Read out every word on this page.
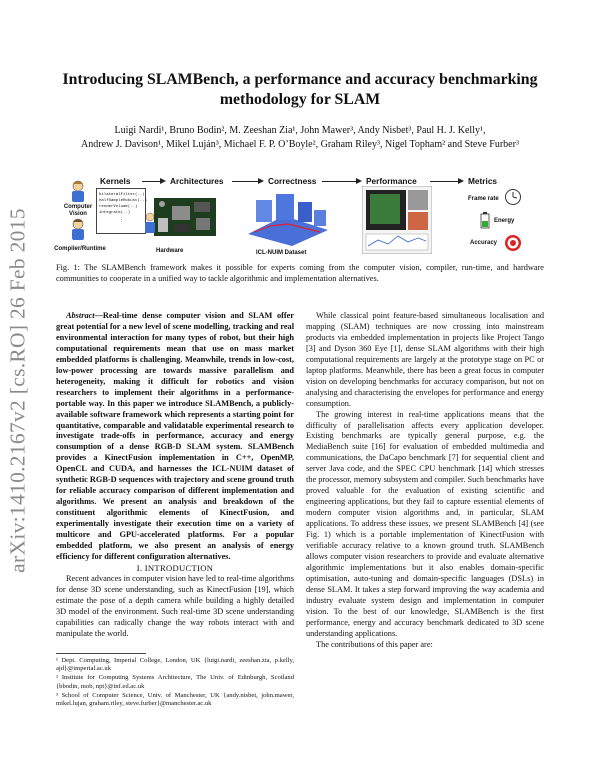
arXiv:1410.2167v2 [cs.RO] 26 Feb 2015
Introducing SLAMBench, a performance and accuracy benchmarking methodology for SLAM
Luigi Nardi¹, Bruno Bodin², M. Zeeshan Zia¹, John Mawer³, Andy Nisbet³, Paul H. J. Kelly¹,
Andrew J. Davison¹, Mikel Luján³, Michael F. P. O’Boyle², Graham Riley³, Nigel Topham² and Steve Furber³
Kernels	Architectures	Correctness	Performance	Metrics
Computer Vision
Compiler/Runtime
bilateralFilter(..)
halfSampleRobust(..)
renderVolume(..)
integrate(..)
⋮
Hardware	ICL-NUIM Dataset
Frame rate
Energy
Accuracy
Fig. 1: The SLAMBench framework makes it possible for experts coming from the computer vision, compiler, run-time, and hardware communities to cooperate in a unified way to tackle algorithmic and implementation alternatives.

Abstract—Real-time dense computer vision and SLAM offer great potential for a new level of scene modelling, tracking and real environmental interaction for many types of robot, but their high computational requirements mean that use on mass market embedded platforms is challenging. Meanwhile, trends in low-cost, low-power processing are towards massive parallelism and heterogeneity, making it difficult for robotics and vision researchers to implement their algorithms in a performance-portable way. In this paper we introduce SLAMBench, a publicly-available software framework which represents a starting point for quantitative, comparable and validatable experimental research to investigate trade-offs in performance, accuracy and energy consumption of a dense RGB-D SLAM system. SLAMBench provides a KinectFusion implementation in C++, OpenMP, OpenCL and CUDA, and harnesses the ICL-NUIM dataset of synthetic RGB-D sequences with trajectory and scene ground truth for reliable accuracy comparison of different implementation and algorithms. We present an analysis and breakdown of the constituent algorithmic elements of KinectFusion, and experimentally investigate their execution time on a variety of multicore and GPU-accelerated platforms. For a popular embedded platform, we also present an analysis of energy efficiency for different configuration alternatives.

I. INTRODUCTION

Recent advances in computer vision have led to real-time algorithms for dense 3D scene understanding, such as KinectFusion [19], which estimate the pose of a depth camera while building a highly detailed 3D model of the environment. Such real-time 3D scene understanding capabilities can radically change the way robots interact with and manipulate the world.

¹ Dept. Computing, Imperial College, London, UK {luigi.nardi, zeeshan.zia, p.kelly, ajd}@imperial.ac.uk
² Institute for Computing Systems Architecture, The Univ. of Edinburgh, Scotland {bbodin, mob, npt}@inf.ed.ac.uk
³ School of Computer Science, Univ. of Manchester, UK {andy.nisbet, john.mawer, mikel.lujan, graham.riley, steve.furber}@manchester.ac.uk

While classical point feature-based simultaneous localisation and mapping (SLAM) techniques are now crossing into mainstream products via embedded implementation in projects like Project Tango [3] and Dyson 360 Eye [1], dense SLAM algorithms with their high computational requirements are largely at the prototype stage on PC or laptop platforms. Meanwhile, there has been a great focus in computer vision on developing benchmarks for accuracy comparison, but not on analysing and characterising the envelopes for performance and energy consumption.

The growing interest in real-time applications means that the difficulty of parallelisation affects every application developer. Existing benchmarks are typically general purpose, e.g. the MediaBench suite [16] for evaluation of embedded multimedia and communications, the DaCapo benchmark [7] for sequential client and server Java code, and the SPEC CPU benchmark [14] which stresses the processor, memory subsystem and compiler. Such benchmarks have proved valuable for the evaluation of existing scientific and engineering applications, but they fail to capture essential elements of modern computer vision algorithms and, in particular, SLAM applications. To address these issues, we present SLAMBench [4] (see Fig. 1) which is a portable implementation of KinectFusion with verifiable accuracy relative to a known ground truth. SLAMBench allows computer vision researchers to provide and evaluate alternative algorithmic implementations but it also enables domain-specific optimisation, auto-tuning and domain-specific languages (DSLs) in dense SLAM. It takes a step forward improving the way academia and industry evaluate system design and implementation in computer vision. To the best of our knowledge, SLAMBench is the first performance, energy and accuracy benchmark dedicated to 3D scene understanding applications.

The contributions of this paper are:
